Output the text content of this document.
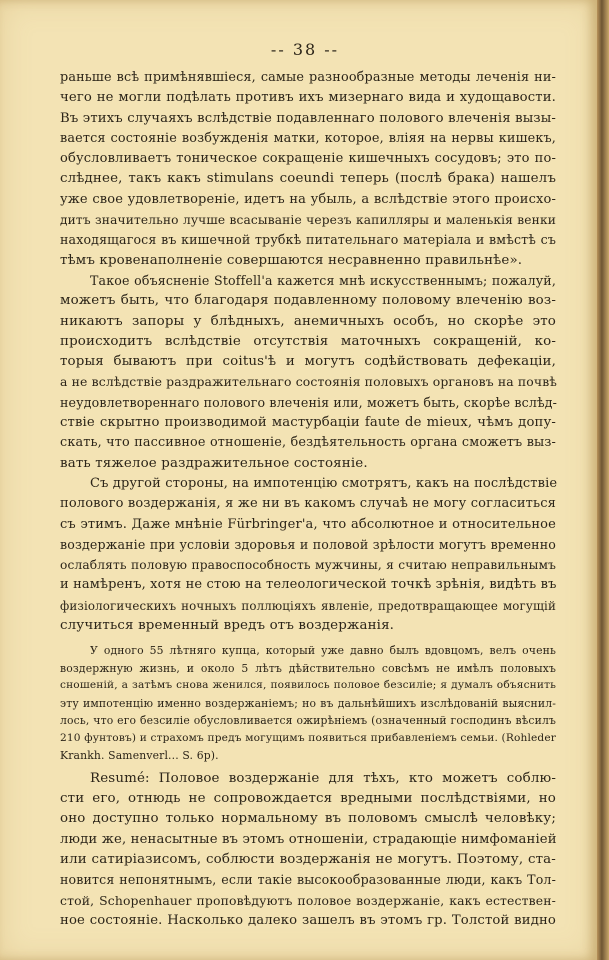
-- 38 --
раньше всѣ примѣнявшіеся, самые разнообразные методы леченія ни-
чего не могли подѣлать противъ ихъ мизернаго вида и худощавости.
Въ этихъ случаяхъ вслѣдствіе подавленнаго полового влеченія вызы-
вается состояніе возбужденія матки, которое, вліяя на нервы кишекъ,
обусловливаетъ тоническое сокращеніе кишечныхъ сосудовъ; это по-
слѣднее, такъ какъ stimulans coeundi теперь (послѣ брака) нашелъ
уже свое удовлетвореніе, идетъ на убыль, а вслѣдствіе этого происхо-
дитъ значительно лучше всасываніе черезъ капилляры и маленькія венки
находящагося въ кишечной трубкѣ питательнаго матеріала и вмѣстѣ съ
тѣмъ кровенаполненіе совершаются несравненно правильнѣе».
Такое объясненіе Stoffell'а кажется мнѣ искусственнымъ; пожалуй,
можетъ быть, что благодаря подавленному половому влеченію воз-
никаютъ запоры у блѣдныхъ, анемичныхъ особъ, но скорѣе это
происходитъ вслѣдствіе отсутствія маточныхъ сокращеній, ко-
торыя бываютъ при coitus'ѣ и могутъ содѣйствовать дефекаціи,
а не вслѣдствіе раздражительнаго состоянія половыхъ органовъ на почвѣ
неудовлетвореннаго полового влеченія или, можетъ быть, скорѣе вслѣд-
ствіе скрытно производимой мастурбаціи faute de mieux, чѣмъ допу-
скать, что пассивное отношеніе, бездѣятельность органа сможетъ выз-
вать тяжелое раздражительное состояніе.
Съ другой стороны, на импотенцію смотрятъ, какъ на послѣдствіе
полового воздержанія, я же ни въ какомъ случаѣ не могу согласиться
съ этимъ. Даже мнѣніе Fürbringer'а, что абсолютное и относительное
воздержаніе при условіи здоровья и половой зрѣлости могутъ временно
ослаблять половую правоспособность мужчины, я считаю неправильнымъ
и намѣренъ, хотя не стою на телеологической точкѣ зрѣнія, видѣть въ
физіологическихъ ночныхъ поллюціяхъ явленіе, предотвращающее могущій
случиться временный вредъ отъ воздержанія.
У одного 55 лѣтняго купца, который уже давно былъ вдовцомъ, велъ очень
воздержную жизнь, и около 5 лѣтъ дѣйствительно совсѣмъ не имѣлъ половыхъ
сношеній, а затѣмъ снова женился, появилось половое безсиліе; я думалъ объяснить
эту импотенцію именно воздержаніемъ; но въ дальнѣйшихъ изслѣдованій выяснил-
лось, что его безсиліе обусловливается ожирѣніемъ (означенный господинъ вѣсилъ
210 фунтовъ) и страхомъ предъ могущимъ появиться прибавленіемъ семьи. (Rohleder
Krankh. Samenverl... S. 6p).
Resumé: Половое воздержаніе для тѣхъ, кто можетъ соблю-
сти его, отнюдь не сопровождается вредными послѣдствіями, но
оно доступно только нормальному въ половомъ смыслѣ человѣку;
люди же, ненасытные въ этомъ отношеніи, страдающіе нимфоманіей
или сатиріазисомъ, соблюсти воздержанія не могутъ. Поэтому, ста-
новится непонятнымъ, если такіе высокообразованные люди, какъ Тол-
стой, Schopenhauer проповѣдуютъ половое воздержаніе, какъ естествен-
ное состояніе. Насколько далеко зашелъ въ этомъ гр. Толстой видно
